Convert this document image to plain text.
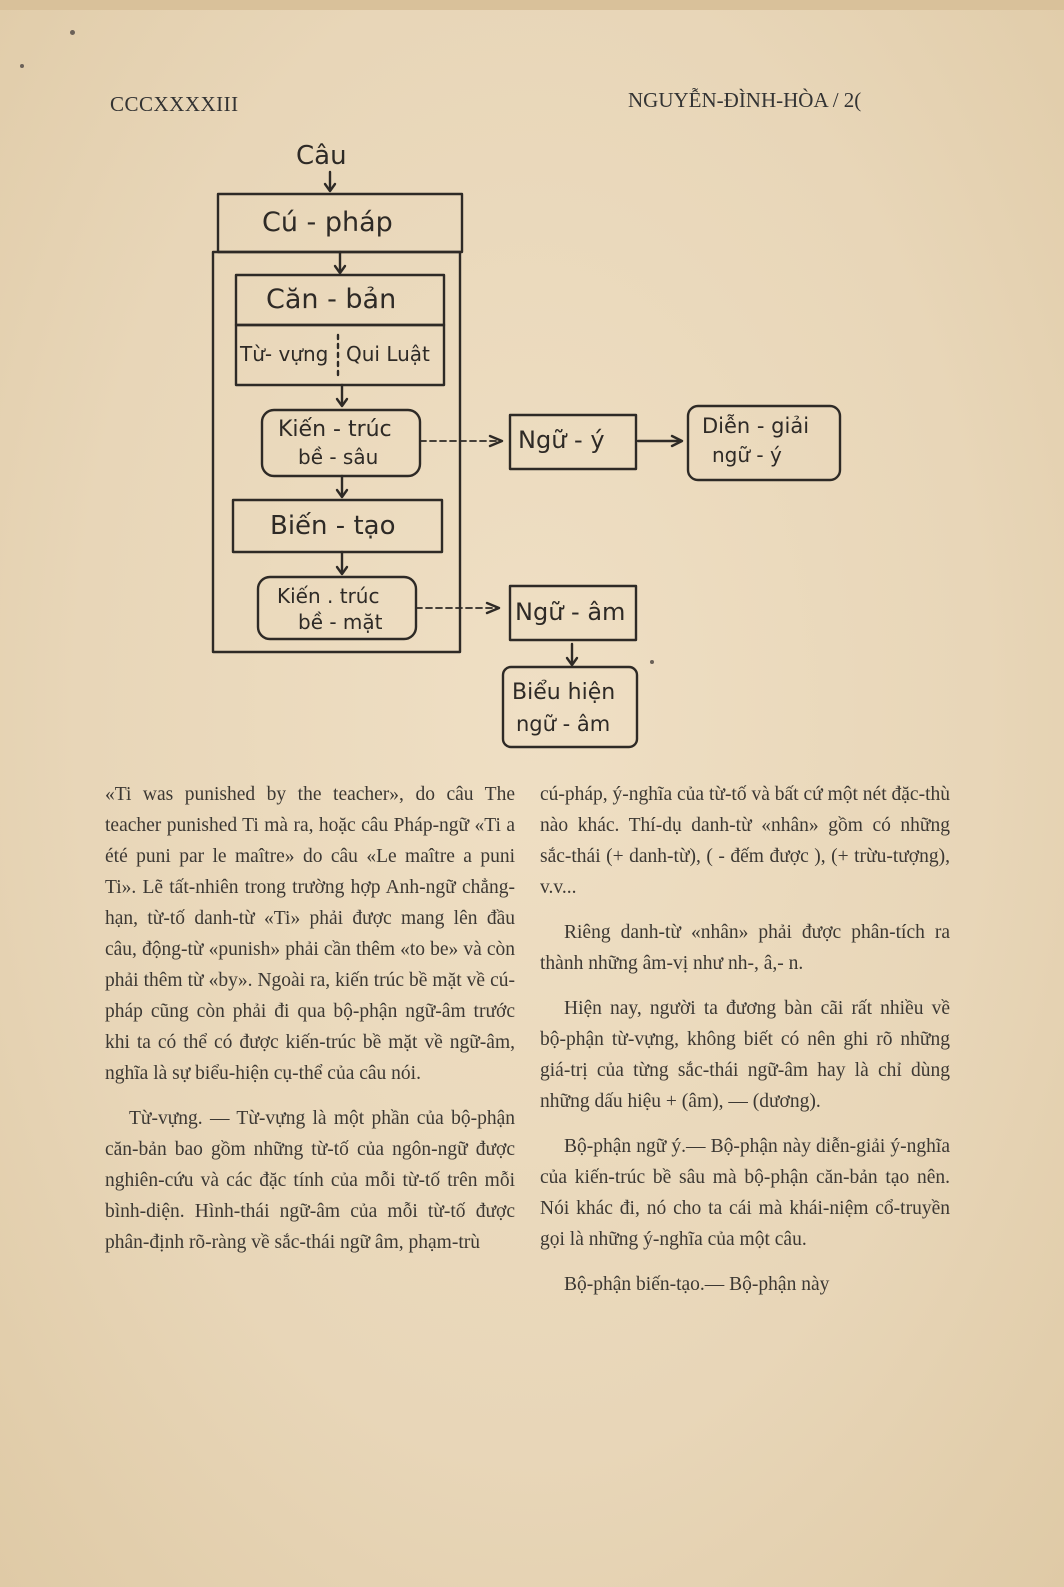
CCCXXXXIII	NGUYỄN-ĐÌNH-HÒA / 2(
Câu
Cú - pháp
Căn - bản
Từ- vựng Qui Luật
Kiến - trúc
bề - sâu
Biến - tạo
Kiến . trúc
bề - mặt
Ngữ - ý	Diễn - giải
ngữ - ý
Ngữ - âm
Biểu hiện
ngữ - âm

«Ti was punished by the teacher», do câu The teacher punished Ti mà ra, hoặc câu Pháp-ngữ «Ti a été puni par le maître» do câu «Le maître a puni Ti». Lẽ tất-nhiên trong trường hợp Anh-ngữ chẳng-hạn, từ-tố danh-từ «Ti» phải được mang lên đầu câu, động-từ «punish» phải cần thêm «to be» và còn phải thêm từ «by». Ngoài ra, kiến trúc bề mặt về cú-pháp cũng còn phải đi qua bộ-phận ngữ-âm trước khi ta có thể có được kiến-trúc bề mặt về ngữ-âm, nghĩa là sự biểu-hiện cụ-thể của câu nói.

Từ-vựng. — Từ-vựng là một phần của bộ-phận căn-bản bao gồm những từ-tố của ngôn-ngữ được nghiên-cứu và các đặc tính của mỗi từ-tố trên mỗi bình-diện. Hình-thái ngữ-âm của mỗi từ-tố được phân-định rõ-ràng về sắc-thái ngữ âm, phạm-trù

cú-pháp, ý-nghĩa của từ-tố và bất cứ một nét đặc-thù nào khác. Thí-dụ danh-từ «nhân» gồm có những sắc-thái (+ danh-từ), ( - đếm được ), (+ trừu-tượng), v.v...

Riêng danh-từ «nhân» phải được phân-tích ra thành những âm-vị như nh-, â,- n.

Hiện nay, người ta đương bàn cãi rất nhiều về bộ-phận từ-vựng, không biết có nên ghi rõ những giá-trị của từng sắc-thái ngữ-âm hay là chỉ dùng những dấu hiệu + (âm), — (dương).

Bộ-phận ngữ ý.— Bộ-phận này diễn-giải ý-nghĩa của kiến-trúc bề sâu mà bộ-phận căn-bản tạo nên. Nói khác đi, nó cho ta cái mà khái-niệm cổ-truyền gọi là những ý-nghĩa của một câu.

Bộ-phận biến-tạo.— Bộ-phận này
